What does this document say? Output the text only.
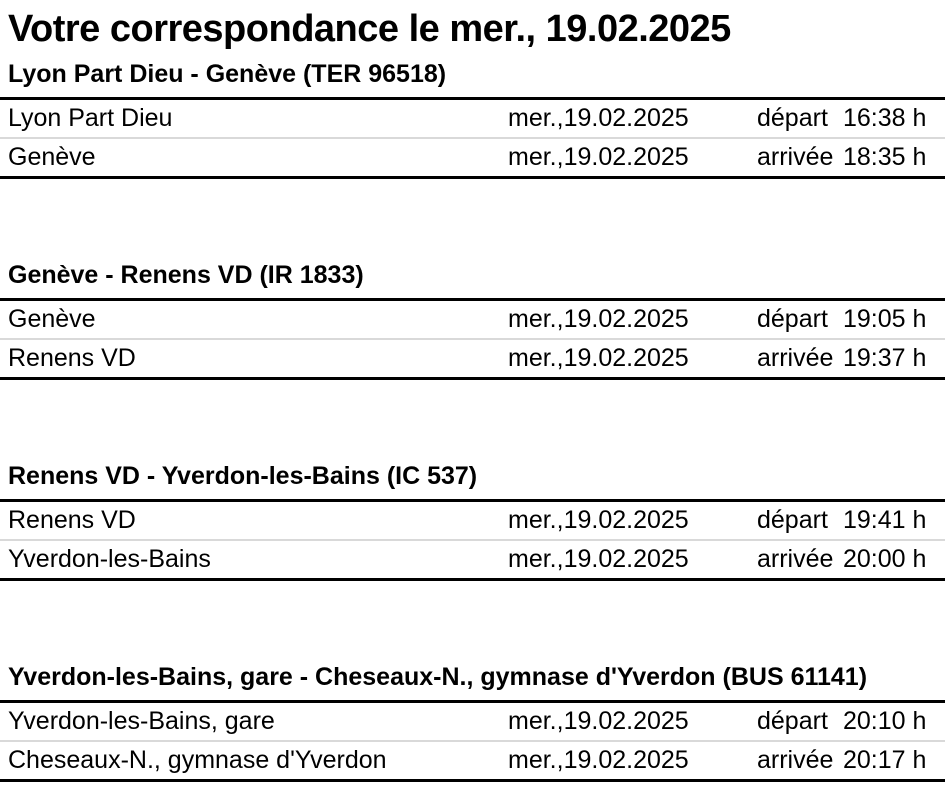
Votre correspondance le mer., 19.02.2025
Lyon Part Dieu - Genève (TER 96518)
Lyon Part Dieu	mer.,19.02.2025	départ 16:38 h
Genève	mer.,19.02.2025	arrivée 18:35 h
Genève - Renens VD (IR 1833)
Genève	mer.,19.02.2025	départ 19:05 h
Renens VD	mer.,19.02.2025	arrivée 19:37 h
Renens VD - Yverdon-les-Bains (IC 537)
Renens VD	mer.,19.02.2025	départ 19:41 h
Yverdon-les-Bains	mer.,19.02.2025	arrivée 20:00 h
Yverdon-les-Bains, gare - Cheseaux-N., gymnase d'Yverdon (BUS 61141)
Yverdon-les-Bains, gare	mer.,19.02.2025	départ 20:10 h
Cheseaux-N., gymnase d'Yverdon	mer.,19.02.2025	arrivée 20:17 h
